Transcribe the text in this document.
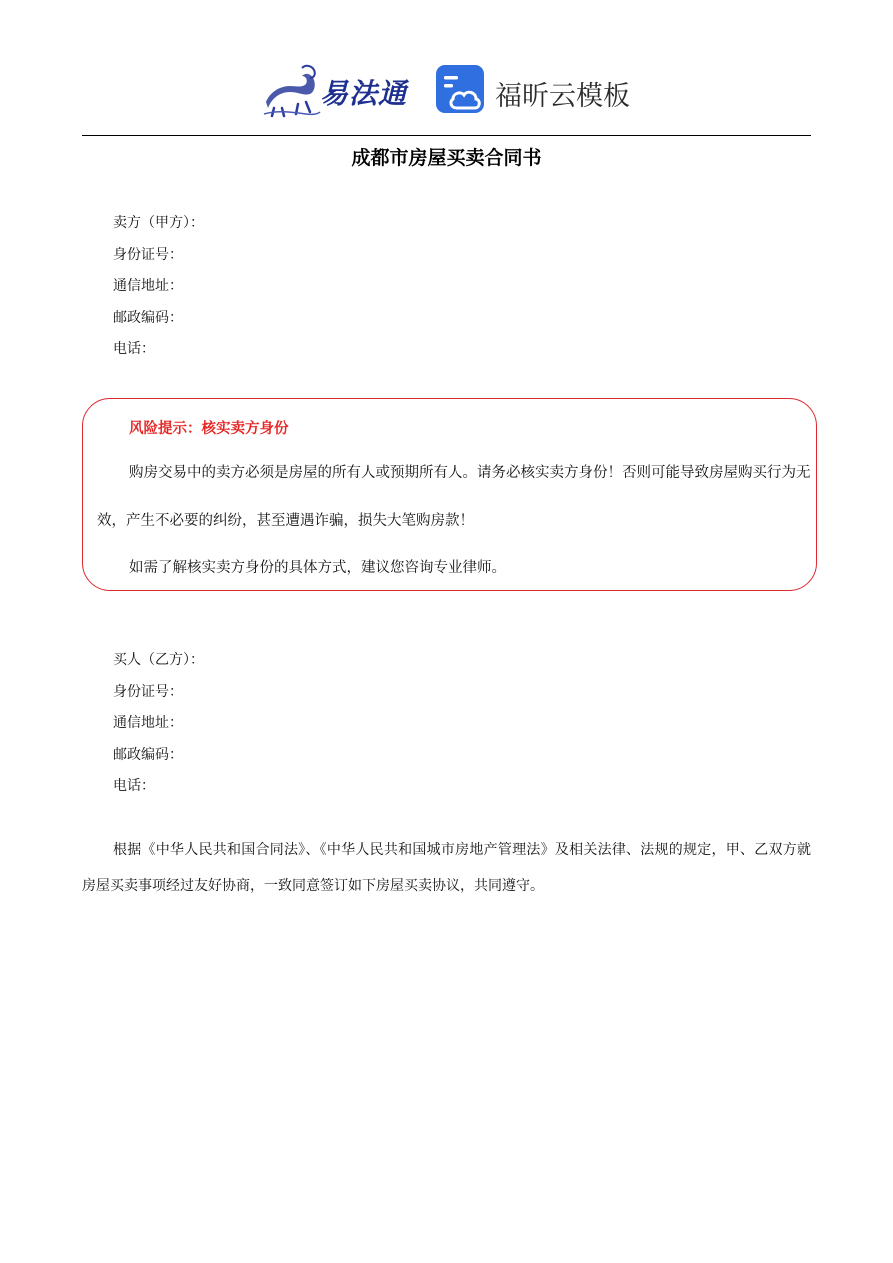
易法通	福昕云模板
成都市房屋买卖合同书
卖方（甲方）：
身份证号：
通信地址：
邮政编码：
电话：

风险提示：核实卖方身份

购房交易中的卖方必须是房屋的所有人或预期所有人。请务必核实卖方身份！否则可能导致房屋购买行为无效，产生不必要的纠纷，甚至遭遇诈骗，损失大笔购房款！

如需了解核实卖方身份的具体方式，建议您咨询专业律师。

买人（乙方）：
身份证号：
通信地址：
邮政编码：
电话：

根据《中华人民共和国合同法》、《中华人民共和国城市房地产管理法》及相关法律、法规的规定，甲、乙双方就房屋买卖事项经过友好协商，一致同意签订如下房屋买卖协议，共同遵守。
